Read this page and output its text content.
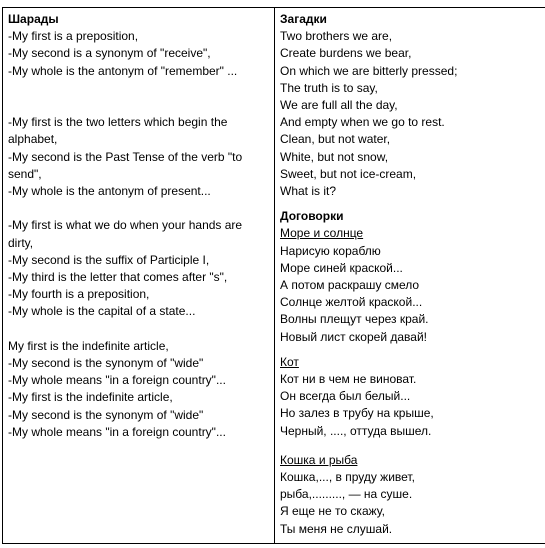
Шарады
-My first is a preposition,
-My second is a synonym of "receive",
-My whole is the antonym of "remember" ...
-My first is the two letters which begin the alphabet,
-My second is the Past Tense of the verb "to send",
-My whole is the antonym of present...
-My first is what we do when your hands are dirty,
-My second is the suffix of Participle I,
-My third is the letter that comes after "s",
-My fourth is a preposition,
-My whole is the capital of a state...
My first is the indefinite article,
-My second is the synonym of "wide"
-My whole means "in a foreign country"...
-My first is the indefinite article,
-My second is the synonym of "wide"
-My whole means "in a foreign country"...

Загадки
Two brothers we are,
Create burdens we bear,
On which we are bitterly pressed;
The truth is to say,
We are full all the day,
And empty when we go to rest.
Clean, but not water,
White, but not snow,
Sweet, but not ice-cream,
What is it?
Договорки
Море и солнце
Нарисую кораблю
Море синей краской...
А потом раскрашу смело
Солнце желтой краской...
Волны плещут через край.
Новый лист скорей давай!
Кот
Кот ни в чем не виноват.
Он всегда был белый...
Но залез в трубу на крыше,
Черный, ...., оттуда вышел.
Кошка и рыба
Кошка,..., в пруду живет,
рыба,........., — на суше.
Я еще не то скажу,
Ты меня не слушай.
